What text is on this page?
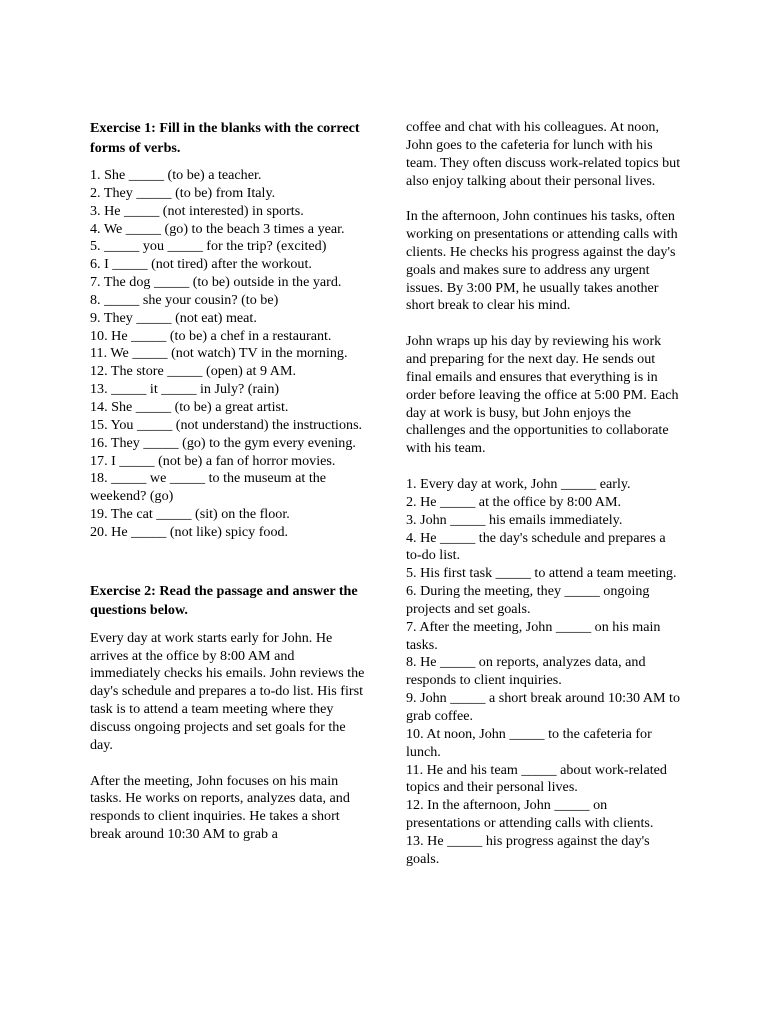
Exercise 1: Fill in the blanks with the correct forms of verbs.

1. She _____ (to be) a teacher.

2. They _____ (to be) from Italy.

3. He _____ (not interested) in sports.

4. We _____ (go) to the beach 3 times a year.

5. _____ you _____ for the trip? (excited)

6. I _____ (not tired) after the workout.

7. The dog _____ (to be) outside in the yard.

8. _____ she your cousin? (to be)

9. They _____ (not eat) meat.

10. He _____ (to be) a chef in a restaurant.

11. We _____ (not watch) TV in the morning.

12. The store _____ (open) at 9 AM.

13. _____ it _____ in July? (rain)

14. She _____ (to be) a great artist.

15. You _____ (not understand) the instructions.

16. They _____ (go) to the gym every evening.

17. I _____ (not be) a fan of horror movies.

18. _____ we _____ to the museum at the weekend? (go)

19. The cat _____ (sit) on the floor.

20. He _____ (not like) spicy food.

Exercise 2: Read the passage and answer the questions below.

Every day at work starts early for John. He arrives at the office by 8:00 AM and immediately checks his emails. John reviews the day's schedule and prepares a to-do list. His first task is to attend a team meeting where they discuss ongoing projects and set goals for the day.

After the meeting, John focuses on his main tasks. He works on reports, analyzes data, and responds to client inquiries. He takes a short break around 10:30 AM to grab a

coffee and chat with his colleagues. At noon, John goes to the cafeteria for lunch with his team. They often discuss work-related topics but also enjoy talking about their personal lives.

In the afternoon, John continues his tasks, often working on presentations or attending calls with clients. He checks his progress against the day's goals and makes sure to address any urgent issues. By 3:00 PM, he usually takes another short break to clear his mind.

John wraps up his day by reviewing his work and preparing for the next day. He sends out final emails and ensures that everything is in order before leaving the office at 5:00 PM. Each day at work is busy, but John enjoys the challenges and the opportunities to collaborate with his team.

1. Every day at work, John _____ early.

2. He _____ at the office by 8:00 AM.

3. John _____ his emails immediately.

4. He _____ the day's schedule and prepares a to-do list.

5. His first task _____ to attend a team meeting.

6. During the meeting, they _____ ongoing projects and set goals.

7. After the meeting, John _____ on his main tasks.

8. He _____ on reports, analyzes data, and responds to client inquiries.

9. John _____ a short break around 10:30 AM to grab coffee.

10. At noon, John _____ to the cafeteria for lunch.

11. He and his team _____ about work-related topics and their personal lives.

12. In the afternoon, John _____ on presentations or attending calls with clients.

13. He _____ his progress against the day's goals.
